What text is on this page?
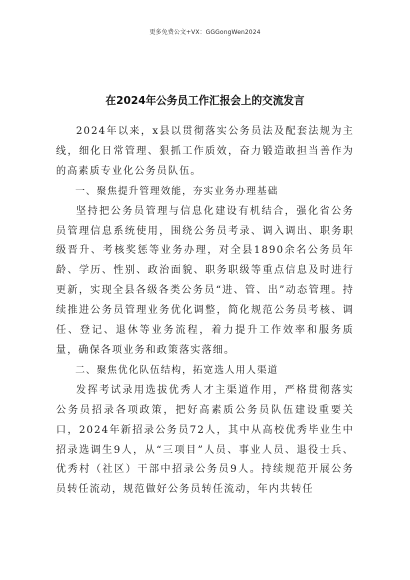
更多免费公文+VX：GGGongWen2024
在2024年公务员工作汇报会上的交流发言

2024年以来，x县以贯彻落实公务员法及配套法规为主线，细化日常管理、狠抓工作质效，奋力锻造敢担当善作为的高素质专业化公务员队伍。

一、聚焦提升管理效能，夯实业务办理基础

坚持把公务员管理与信息化建设有机结合，强化省公务员管理信息系统使用，围绕公务员考录、调入调出、职务职级晋升、考核奖惩等业务办理，对全县1890余名公务员年龄、学历、性别、政治面貌、职务职级等重点信息及时进行更新，实现全县各级各类公务员“进、管、出”动态管理。持续推进公务员管理业务优化调整，简化规范公务员考核、调任、登记、退休等业务流程，着力提升工作效率和服务质量，确保各项业务和政策落实落细。

二、聚焦优化队伍结构，拓宽选人用人渠道

发挥考试录用选拔优秀人才主渠道作用，严格贯彻落实公务员招录各项政策，把好高素质公务员队伍建设重要关口，2024年新招录公务员72人，其中从高校优秀毕业生中招录选调生9人，从“三项目”人员、事业人员、退役士兵、优秀村（社区）干部中招录公务员9人。持续规范开展公务员转任流动，规范做好公务员转任流动，年内共转任
